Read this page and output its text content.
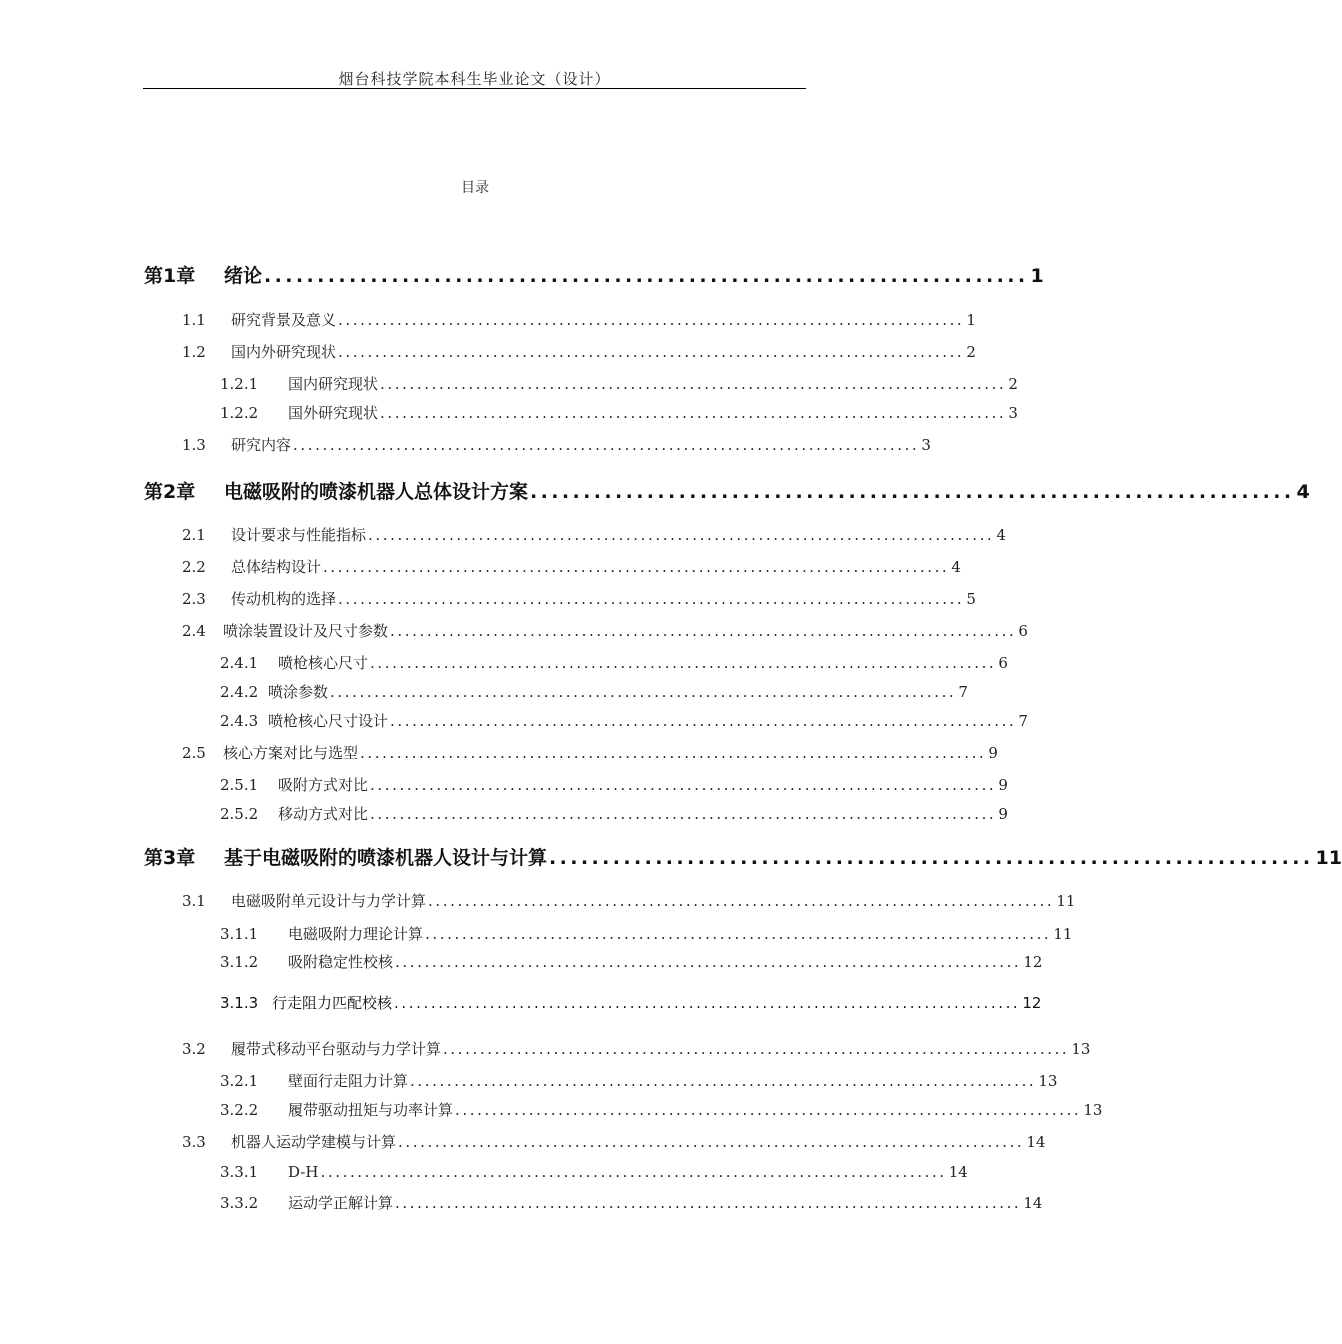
烟台科技学院本科生毕业论文（设计）
目录
第1章	绪论 ........................................................................ 1
1.1	研究背景及意义 ..................................................................................... 1
1.2	国内外研究现状 ..................................................................................... 2
1.2.1	国内研究现状 ..................................................................................... 2
1.2.2	国外研究现状 ..................................................................................... 3
1.3	研究内容 ..................................................................................... 3
第2章	电磁吸附的喷漆机器人总体设计方案 ........................................................................ 4
2.1	设计要求与性能指标 ..................................................................................... 4
2.2	总体结构设计 ..................................................................................... 4
2.3	传动机构的选择 ..................................................................................... 5
2.4	喷涂装置设计及尺寸参数 ..................................................................................... 6
2.4.1	喷枪核心尺寸 ..................................................................................... 6
2.4.2 喷涂参数 ..................................................................................... 7
2.4.3 喷枪核心尺寸设计 ..................................................................................... 7
2.5	核心方案对比与选型 ..................................................................................... 9
2.5.1	吸附方式对比 ..................................................................................... 9
2.5.2	移动方式对比 ..................................................................................... 9
第3章	基于电磁吸附的喷漆机器人设计与计算 ........................................................................ 11
3.1	电磁吸附单元设计与力学计算 ..................................................................................... 11
3.1.1	电磁吸附力理论计算 ..................................................................................... 11
3.1.2	吸附稳定性校核 ..................................................................................... 12
3.1.3 行走阻力匹配校核 ..................................................................................... 12
3.2	履带式移动平台驱动与力学计算 ..................................................................................... 13
3.2.1	壁面行走阻力计算 ..................................................................................... 13
3.2.2	履带驱动扭矩与功率计算 ..................................................................................... 13
3.3	机器人运动学建模与计算 ..................................................................................... 14
3.3.1	D-H ..................................................................................... 14
3.3.2	运动学正解计算 ..................................................................................... 14
